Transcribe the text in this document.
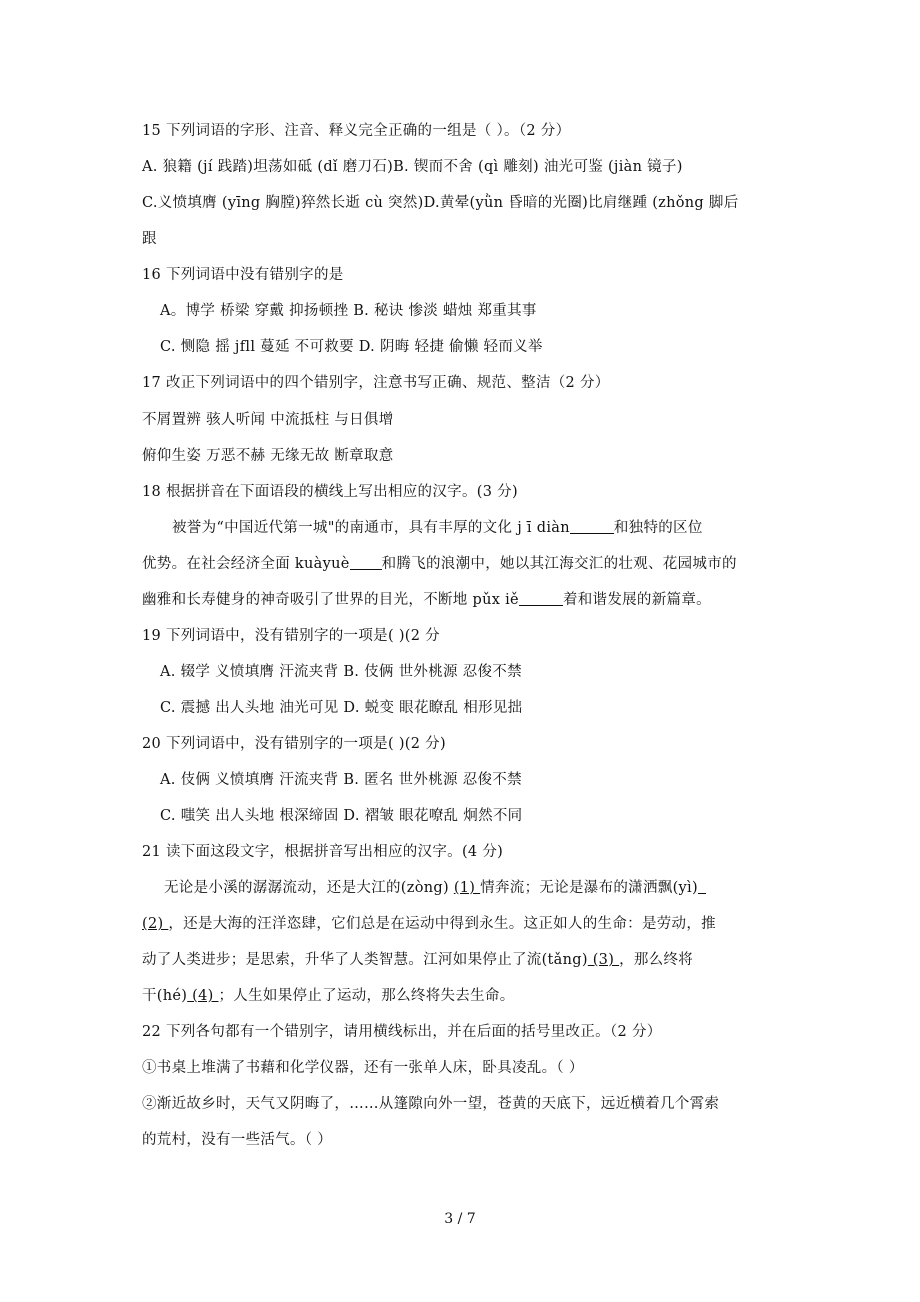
15 下列词语的字形、注音、释义完全正确的一组是（ ）。（2 分）
A. 狼籍 (jí 践踏)坦荡如砥 (dǐ 磨刀石)B. 锲而不舍 (qì 雕刻) 油光可鉴 (jiàn 镜子)
C.义愤填膺 (yīng 胸膛)猝然长逝 cù 突然)D.黄晕(yǜn 昏暗的光圈)比肩继踵 (zhǒng 脚后
跟
16 下列词语中没有错别字的是
A。博学 桥梁 穿戴 抑扬顿挫 B. 秘诀 惨淡 蜡烛 郑重其事
C. 恻隐 摇 jfll 蔓延 不可救要 D. 阴晦 轻捷 偷懒 轻而义举
17 改正下列词语中的四个错别字，注意书写正确、规范、整洁（2 分）
不屑置辨 骇人听闻 中流抵柱 与日俱增
俯仰生姿 万恶不赫 无缘无故 断章取意
18 根据拼音在下面语段的横线上写出相应的汉字。(3 分)
被誉为“中国近代第一城"的南通市，具有丰厚的文化 j ī diàn	和独特的区位
优势。在社会经济全面 kuàyuè 和腾飞的浪潮中，她以其江海交汇的壮观、花园城市的
幽雅和长寿健身的神奇吸引了世界的目光，不断地 pǔx iě	着和谐发展的新篇章。
19 下列词语中，没有错别字的一项是( )(2 分
A. 辍学 义愤填膺 汗流夹背 B. 伎俩 世外桃源 忍俊不禁
C. 震撼 出人头地 油光可见 D. 蜕变 眼花瞭乱 相形见拙
20 下列词语中，没有错别字的一项是( )(2 分)
A. 伎俩 义愤填膺 汗流夹背 B. 匿名 世外桃源 忍俊不禁
C. 嗤笑 出人头地 根深缔固 D. 褶皱 眼花嘹乱 炯然不同
21 读下面这段文字，根据拼音写出相应的汉字。(4 分)
无论是小溪的潺潺流动，还是大江的(zòng) (1) 情奔流；无论是瀑布的潇洒飘(yì)
(2) ，还是大海的汪洋恣肆，它们总是在运动中得到永生。这正如人的生命：是劳动，推
动了人类进步；是思索，升华了人类智慧。江河如果停止了流(tǎng) (3) ，那么终将
干(hé) (4) ；人生如果停止了运动，那么终将失去生命。
22 下列各句都有一个错别字，请用横线标出，并在后面的括号里改正。（2 分）
①书桌上堆满了书藉和化学仪器，还有一张单人床，卧具凌乱。（ ）
②渐近故乡时，天气又阴晦了，……从篷隙向外一望，苍黄的天底下，远近横着几个霄索
的荒村，没有一些活气。（ ）
3 / 7
